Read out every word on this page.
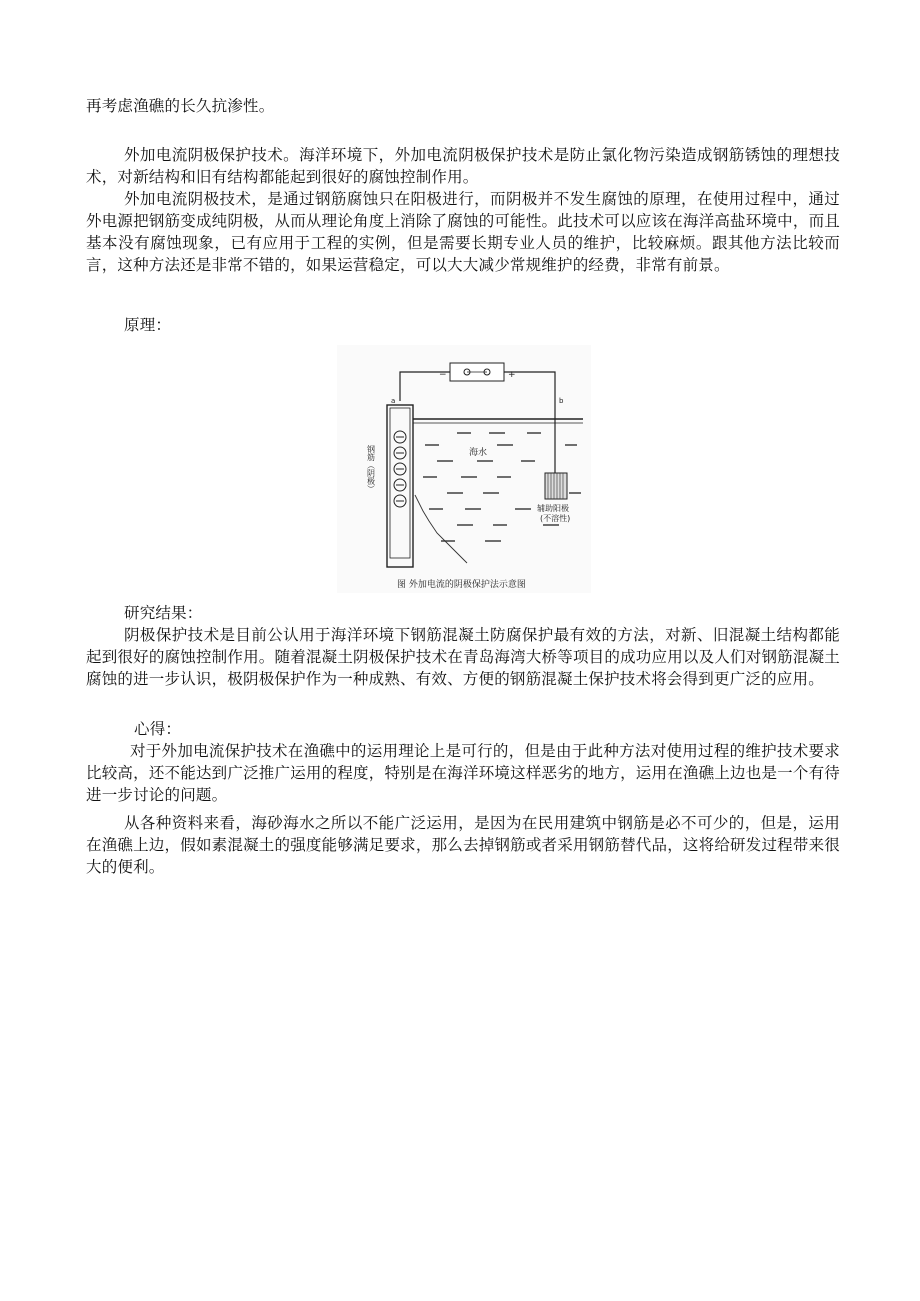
再考虑渔礁的长久抗渗性。

外加电流阴极保护技术。海洋环境下，外加电流阴极保护技术是防止氯化物污染造成钢筋锈蚀的理想技术，对新结构和旧有结构都能起到很好的腐蚀控制作用。

外加电流阴极技术，是通过钢筋腐蚀只在阳极进行，而阴极并不发生腐蚀的原理，在使用过程中，通过外电源把钢筋变成纯阴极，从而从理论角度上消除了腐蚀的可能性。此技术可以应该在海洋高盐环境中，而且基本没有腐蚀现象，已有应用于工程的实例，但是需要长期专业人员的维护，比较麻烦。跟其他方法比较而言，这种方法还是非常不错的，如果运营稳定，可以大大减少常规维护的经费，非常有前景。

原理：

−	+
a	b
海水
钢筋（阴极）
辅助阳极
(不溶性)
图 外加电流的阴极保护法示意图

研究结果：

阴极保护技术是目前公认用于海洋环境下钢筋混凝土防腐保护最有效的方法，对新、旧混凝土结构都能起到很好的腐蚀控制作用。随着混凝土阴极保护技术在青岛海湾大桥等项目的成功应用以及人们对钢筋混凝土腐蚀的进一步认识，极阴极保护作为一种成熟、有效、方便的钢筋混凝土保护技术将会得到更广泛的应用。

心得：

对于外加电流保护技术在渔礁中的运用理论上是可行的，但是由于此种方法对使用过程的维护技术要求比较高，还不能达到广泛推广运用的程度，特别是在海洋环境这样恶劣的地方，运用在渔礁上边也是一个有待进一步讨论的问题。

从各种资料来看，海砂海水之所以不能广泛运用，是因为在民用建筑中钢筋是必不可少的，但是，运用在渔礁上边，假如素混凝土的强度能够满足要求，那么去掉钢筋或者采用钢筋替代品，这将给研发过程带来很大的便利。
